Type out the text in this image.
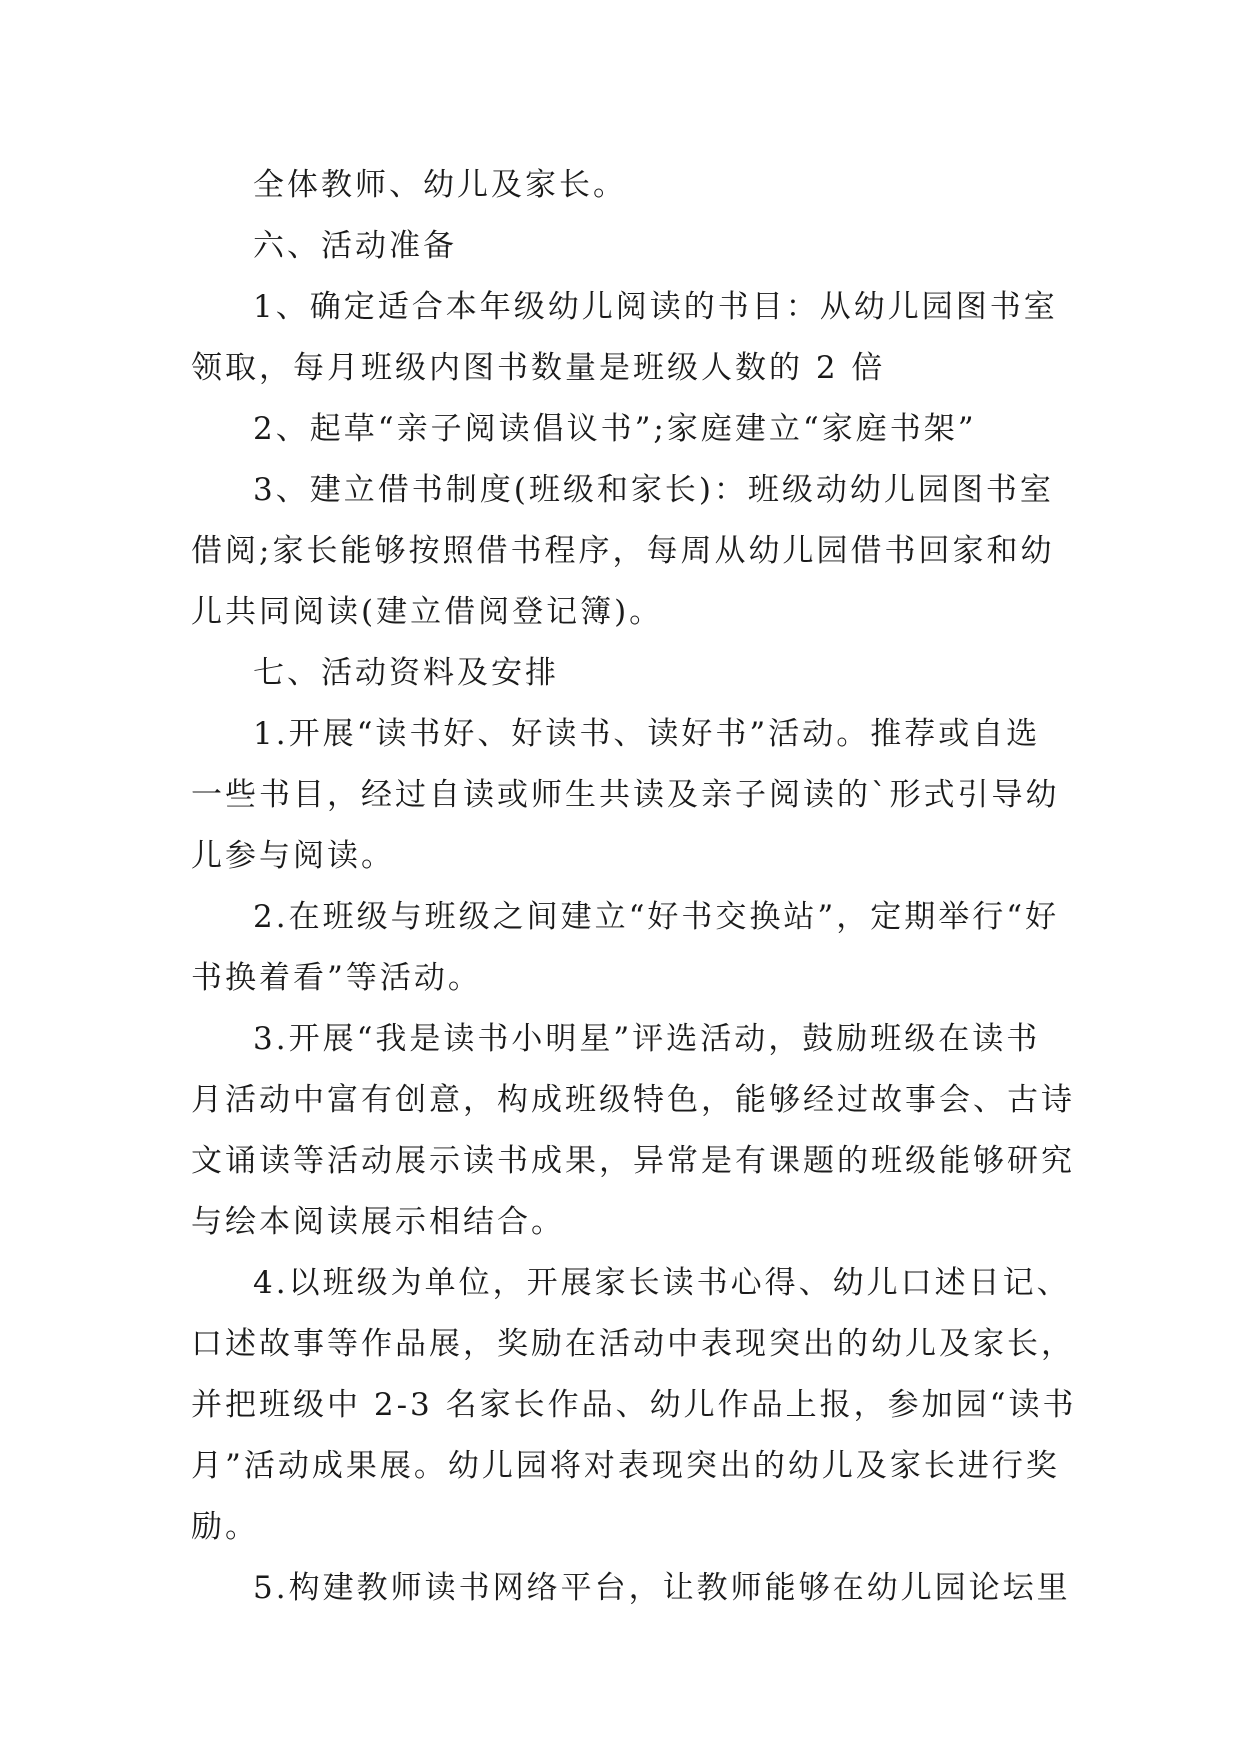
全体教师、幼儿及家长。

六、活动准备

1、确定适合本年级幼儿阅读的书目：从幼儿园图书室
领取，每月班级内图书数量是班级人数的 2 倍

2、起草“亲子阅读倡议书”;家庭建立“家庭书架”

3、建立借书制度(班级和家长)：班级动幼儿园图书室
借阅;家长能够按照借书程序，每周从幼儿园借书回家和幼
儿共同阅读(建立借阅登记簿)。

七、活动资料及安排

1.开展“读书好、好读书、读好书”活动。推荐或自选
一些书目，经过自读或师生共读及亲子阅读的`形式引导幼
儿参与阅读。

2.在班级与班级之间建立“好书交换站”，定期举行“好
书换着看”等活动。

3.开展“我是读书小明星”评选活动，鼓励班级在读书
月活动中富有创意，构成班级特色，能够经过故事会、古诗
文诵读等活动展示读书成果，异常是有课题的班级能够研究
与绘本阅读展示相结合。

4.以班级为单位，开展家长读书心得、幼儿口述日记、
口述故事等作品展，奖励在活动中表现突出的幼儿及家长，
并把班级中 2-3 名家长作品、幼儿作品上报，参加园“读书
月”活动成果展。幼儿园将对表现突出的幼儿及家长进行奖
励。

5.构建教师读书网络平台，让教师能够在幼儿园论坛里
